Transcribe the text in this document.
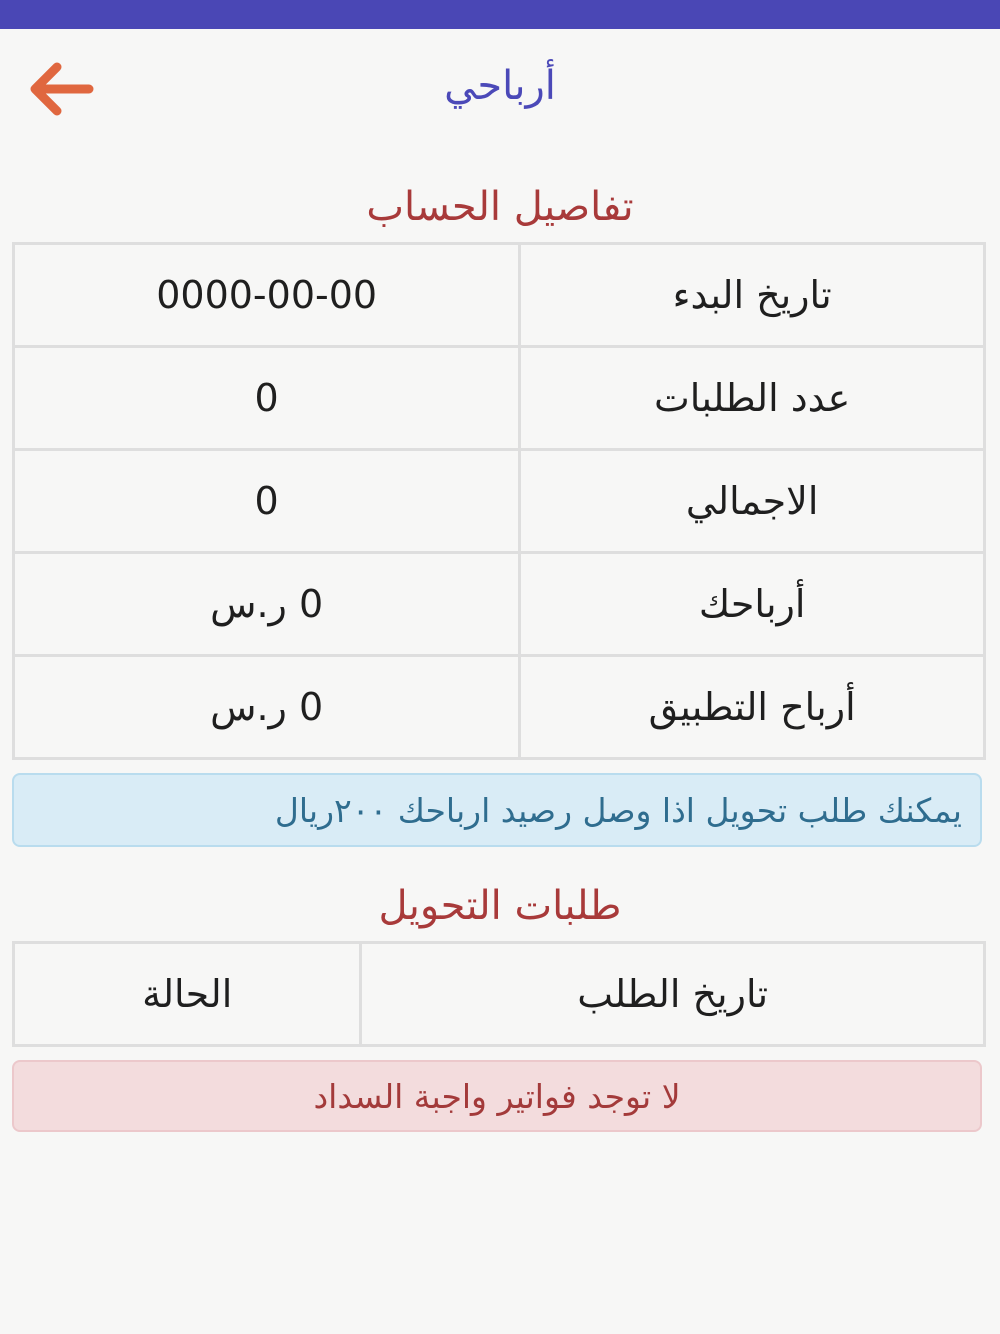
أرباحي
تفاصيل الحساب
تاريخ البدء	0000-00-00
عدد الطلبات	0
الاجمالي	0
أرباحك	0 ر.س
أرباح التطبيق	0 ر.س
يمكنك طلب تحويل اذا وصل رصيد ارباحك ٢٠٠ريال
طلبات التحويل
تاريخ الطلب	الحالة
لا توجد فواتير واجبة السداد
